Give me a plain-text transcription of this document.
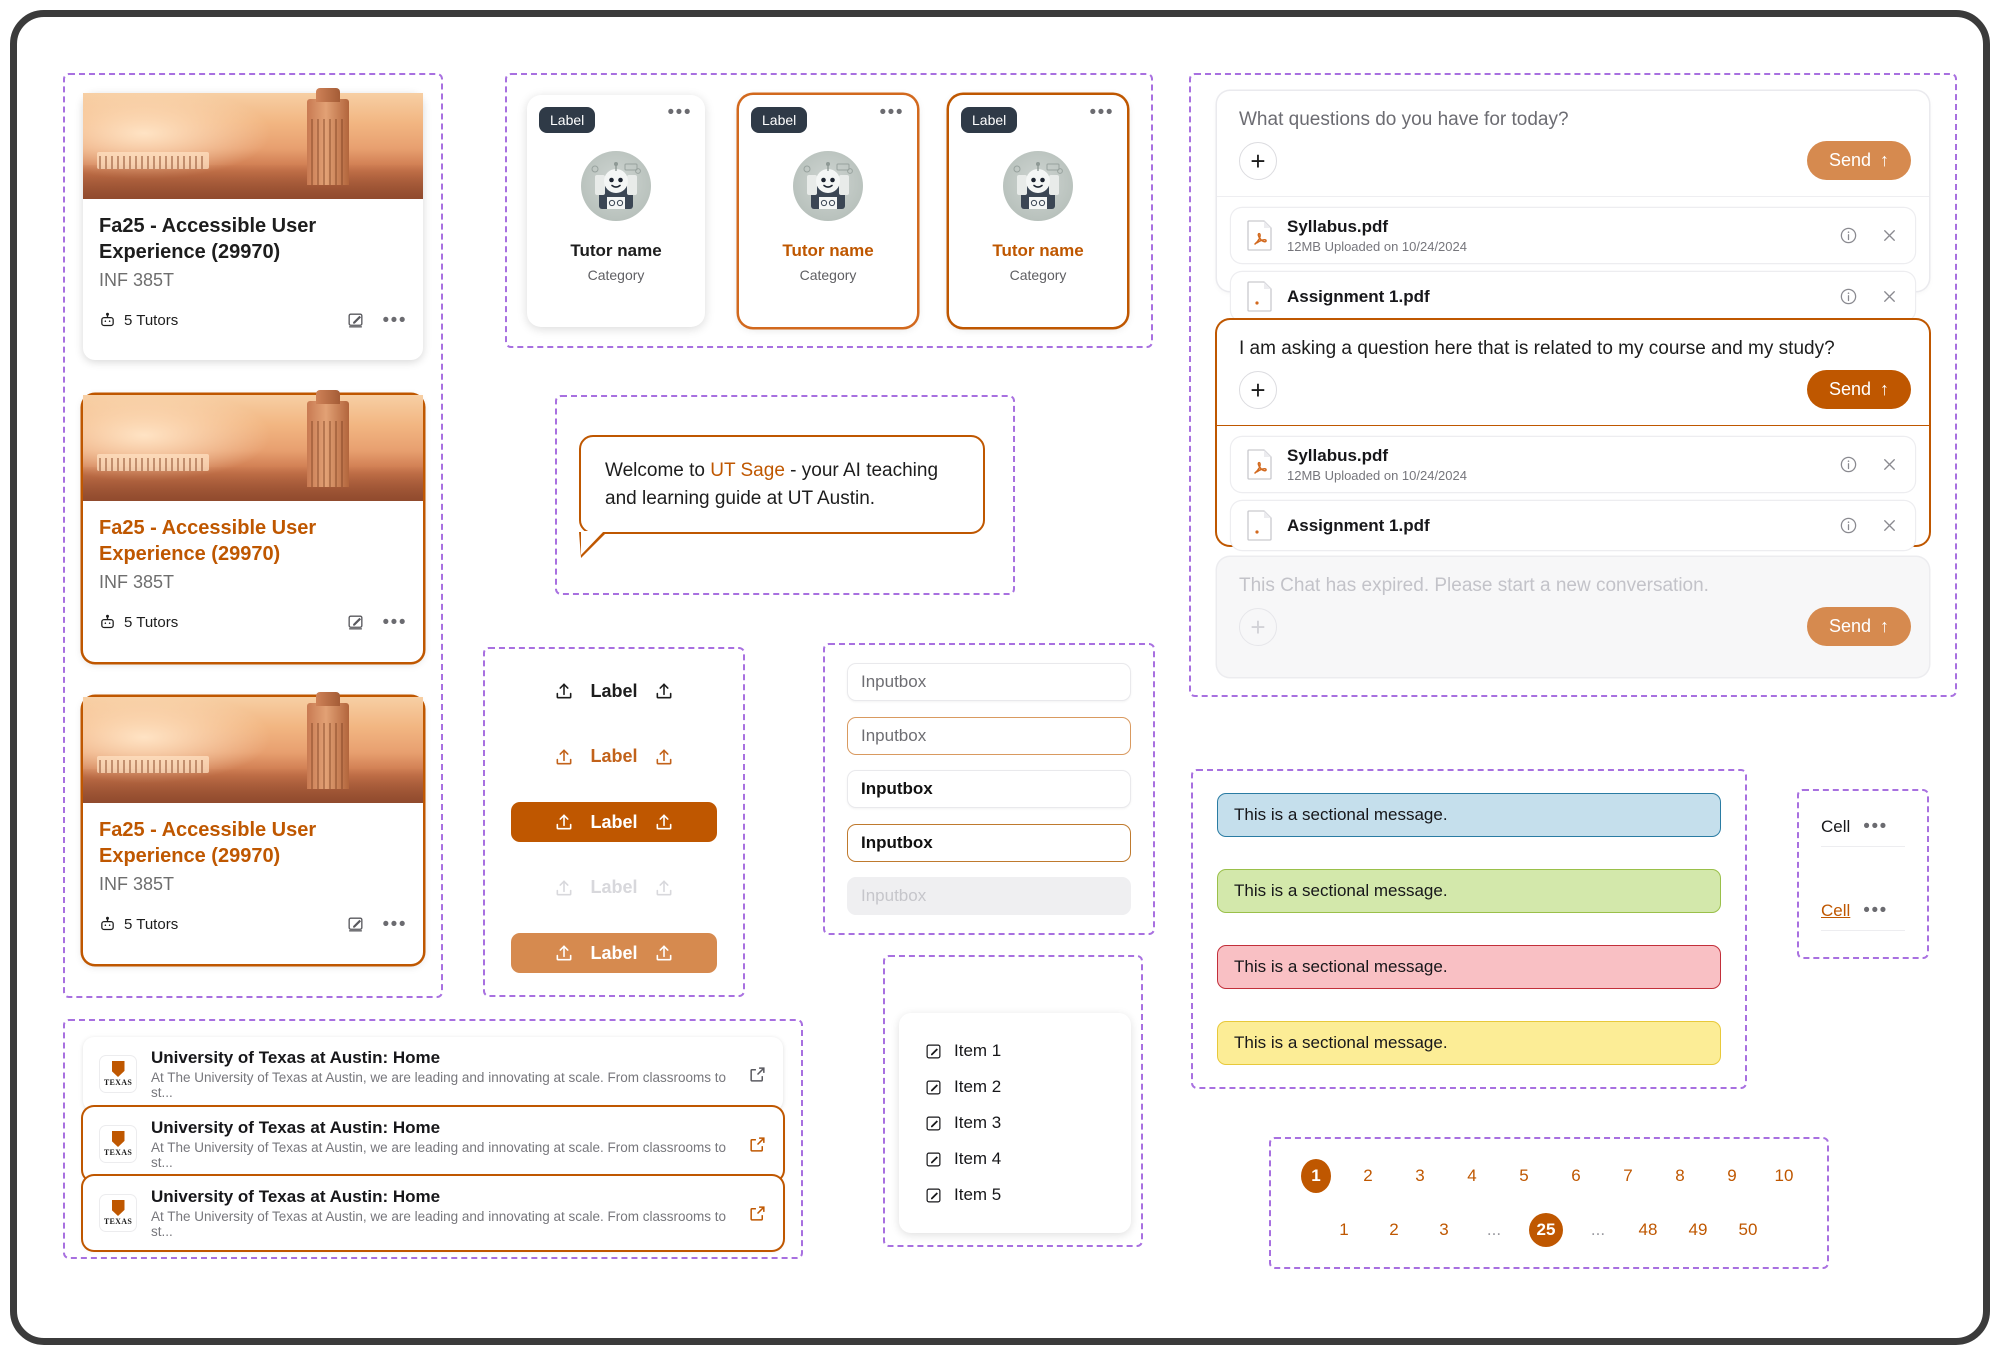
Fa25 - Accessible User Experience (29970)
INF 385T
5 Tutors	•••
Fa25 - Accessible User Experience (29970)
INF 385T
5 Tutors	•••
Fa25 - Accessible User Experience (29970)
INF 385T
5 Tutors	•••
TEXAS
University of Texas at Austin: Home
At The University of Texas at Austin, we are leading and innovating at scale. From classrooms to st...
TEXAS
University of Texas at Austin: Home
At The University of Texas at Austin, we are leading and innovating at scale. From classrooms to st...
TEXAS
University of Texas at Austin: Home
At The University of Texas at Austin, we are leading and innovating at scale. From classrooms to st...
Label	•••
Tutor name
Category
Label	•••
Tutor name
Category
Label	•••
Tutor name
Category
Welcome to UT Sage - your AI teaching and learning guide at UT Austin.
Label
Label
Label
Label
Label
Inputbox
Inputbox
Inputbox
Inputbox
Inputbox
Item 1
Item 2
Item 3
Item 4
Item 5
What questions do you have for today?
+	Send ↑
Syllabus.pdf
12MB Uploaded on 10/24/2024
Assignment 1.pdf
I am asking a question here that is related to my course and my study?
+	Send ↑
Syllabus.pdf
12MB Uploaded on 10/24/2024
Assignment 1.pdf
This Chat has expired. Please start a new conversation.
+	Send ↑
This is a sectional message.
This is a sectional message.
This is a sectional message.
This is a sectional message.
Cell •••
Cell •••
1	2	3	4	5	6	7	8	9	10
1	2	3	...	25	...	48	49	50
